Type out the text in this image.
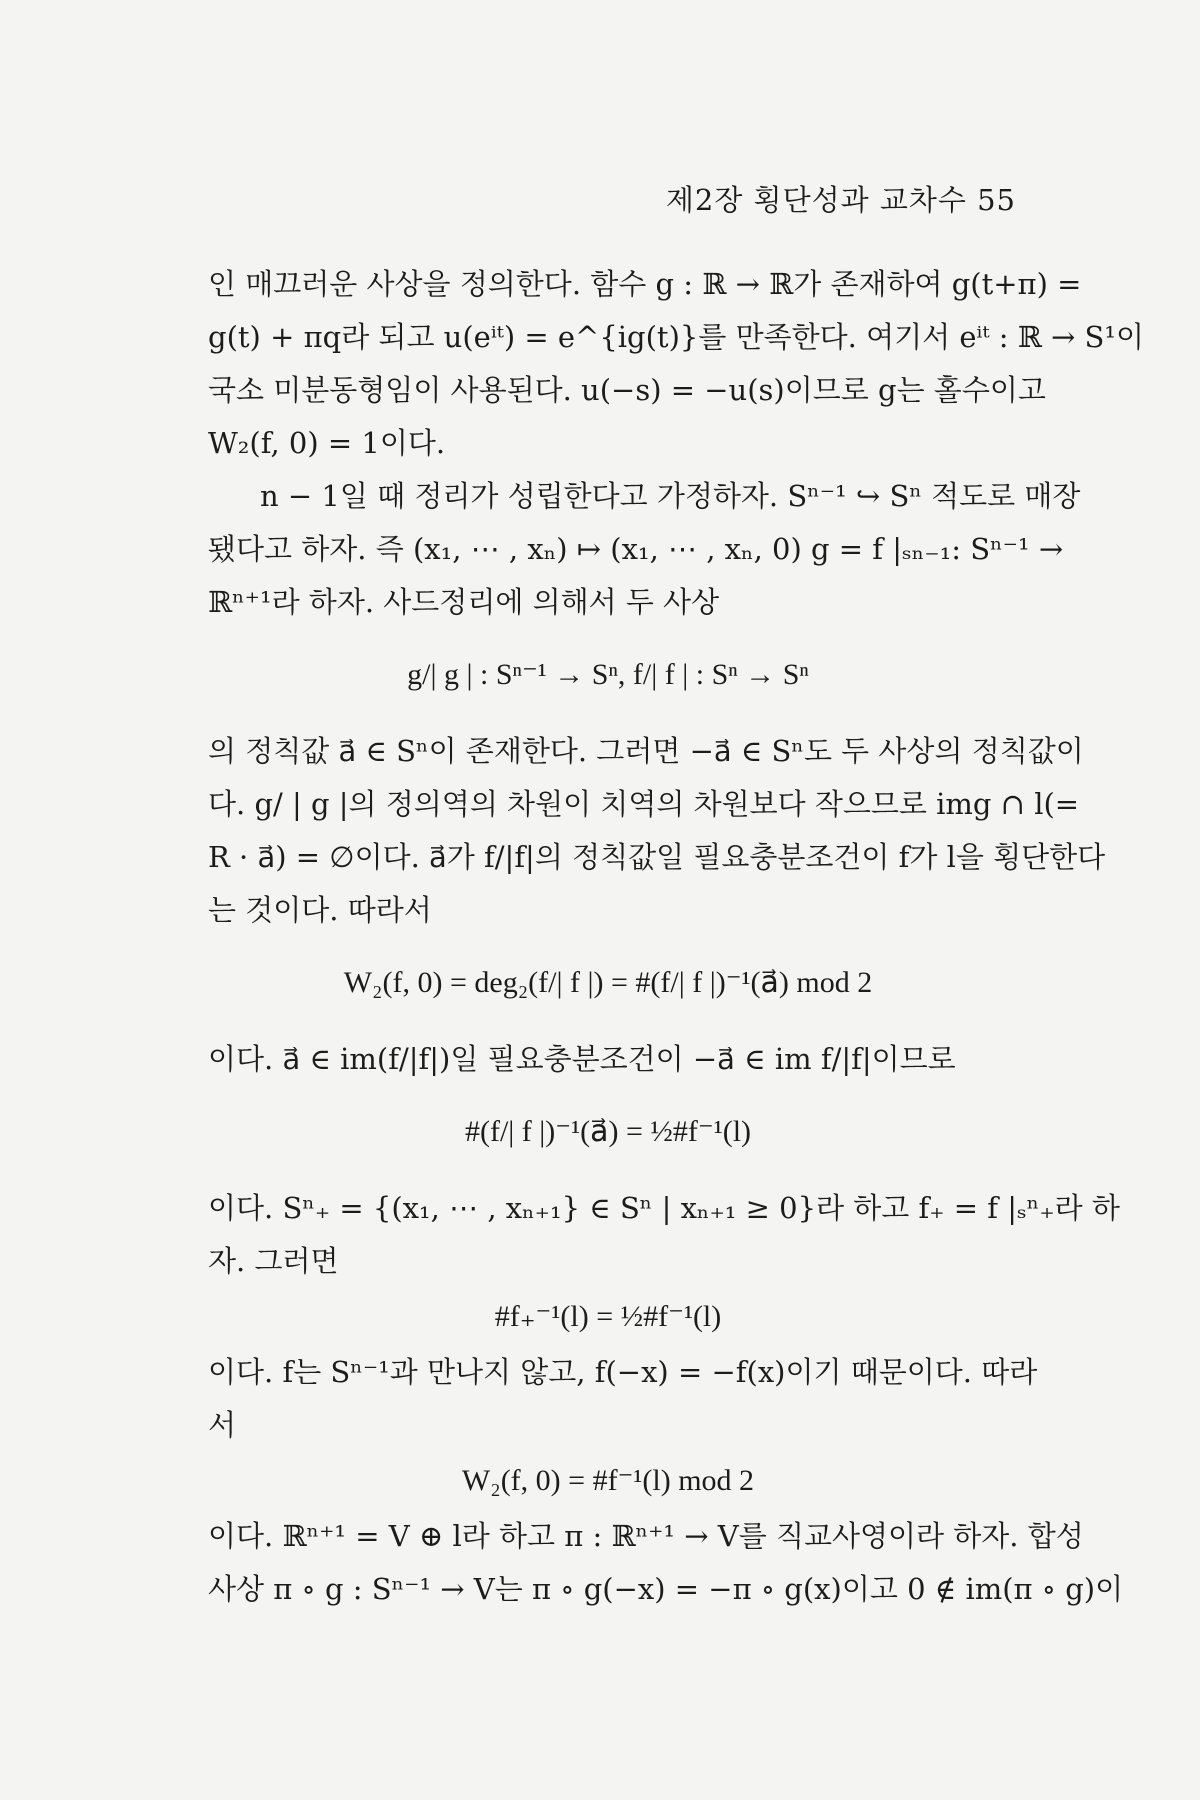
제2장 횡단성과 교차수 55
인 매끄러운 사상을 정의한다. 함수 g : ℝ → ℝ가 존재하여 g(t+π) =
g(t) + πq라 되고 u(eⁱᵗ) = e^{ig(t)}를 만족한다. 여기서 eⁱᵗ : ℝ → S¹이
국소 미분동형임이 사용된다. u(−s) = −u(s)이므로 g는 홀수이고
W₂(f, 0) = 1이다.
n − 1일 때 정리가 성립한다고 가정하자. Sⁿ⁻¹ ↪ Sⁿ 적도로 매장
됐다고 하자. 즉 (x₁, ⋯ , xₙ) ↦ (x₁, ⋯ , xₙ, 0) g = f |ₛₙ₋₁: Sⁿ⁻¹ →
ℝⁿ⁺¹라 하자. 사드정리에 의해서 두 사상
g/| g | : Sⁿ⁻¹ → Sⁿ, f/| f | : Sⁿ → Sⁿ
의 정칙값 a⃗ ∈ Sⁿ이 존재한다. 그러면 −a⃗ ∈ Sⁿ도 두 사상의 정칙값이
다. g/ | g |의 정의역의 차원이 치역의 차원보다 작으므로 img ∩ l(=
R · a⃗) = ∅이다. a⃗가 f/|f|의 정칙값일 필요충분조건이 f가 l을 횡단한다
는 것이다. 따라서
W₂(f, 0) = deg₂(f/| f |) = #(f/| f |)⁻¹(a⃗) mod 2
이다. a⃗ ∈ im(f/|f|)일 필요충분조건이 −a⃗ ∈ im f/|f|이므로
#(f/| f |)⁻¹(a⃗) = ½#f⁻¹(l)
이다. Sⁿ₊ = {(x₁, ⋯ , xₙ₊₁} ∈ Sⁿ | xₙ₊₁ ≥ 0}라 하고 f₊ = f |ₛⁿ₊라 하
자. 그러면
#f₊⁻¹(l) = ½#f⁻¹(l)
이다. f는 Sⁿ⁻¹과 만나지 않고, f(−x) = −f(x)이기 때문이다. 따라
서
W₂(f, 0) = #f⁻¹(l) mod 2
이다. ℝⁿ⁺¹ = V ⊕ l라 하고 π : ℝⁿ⁺¹ → V를 직교사영이라 하자. 합성
사상 π ∘ g : Sⁿ⁻¹ → V는 π ∘ g(−x) = −π ∘ g(x)이고 0 ∉ im(π ∘ g)이
